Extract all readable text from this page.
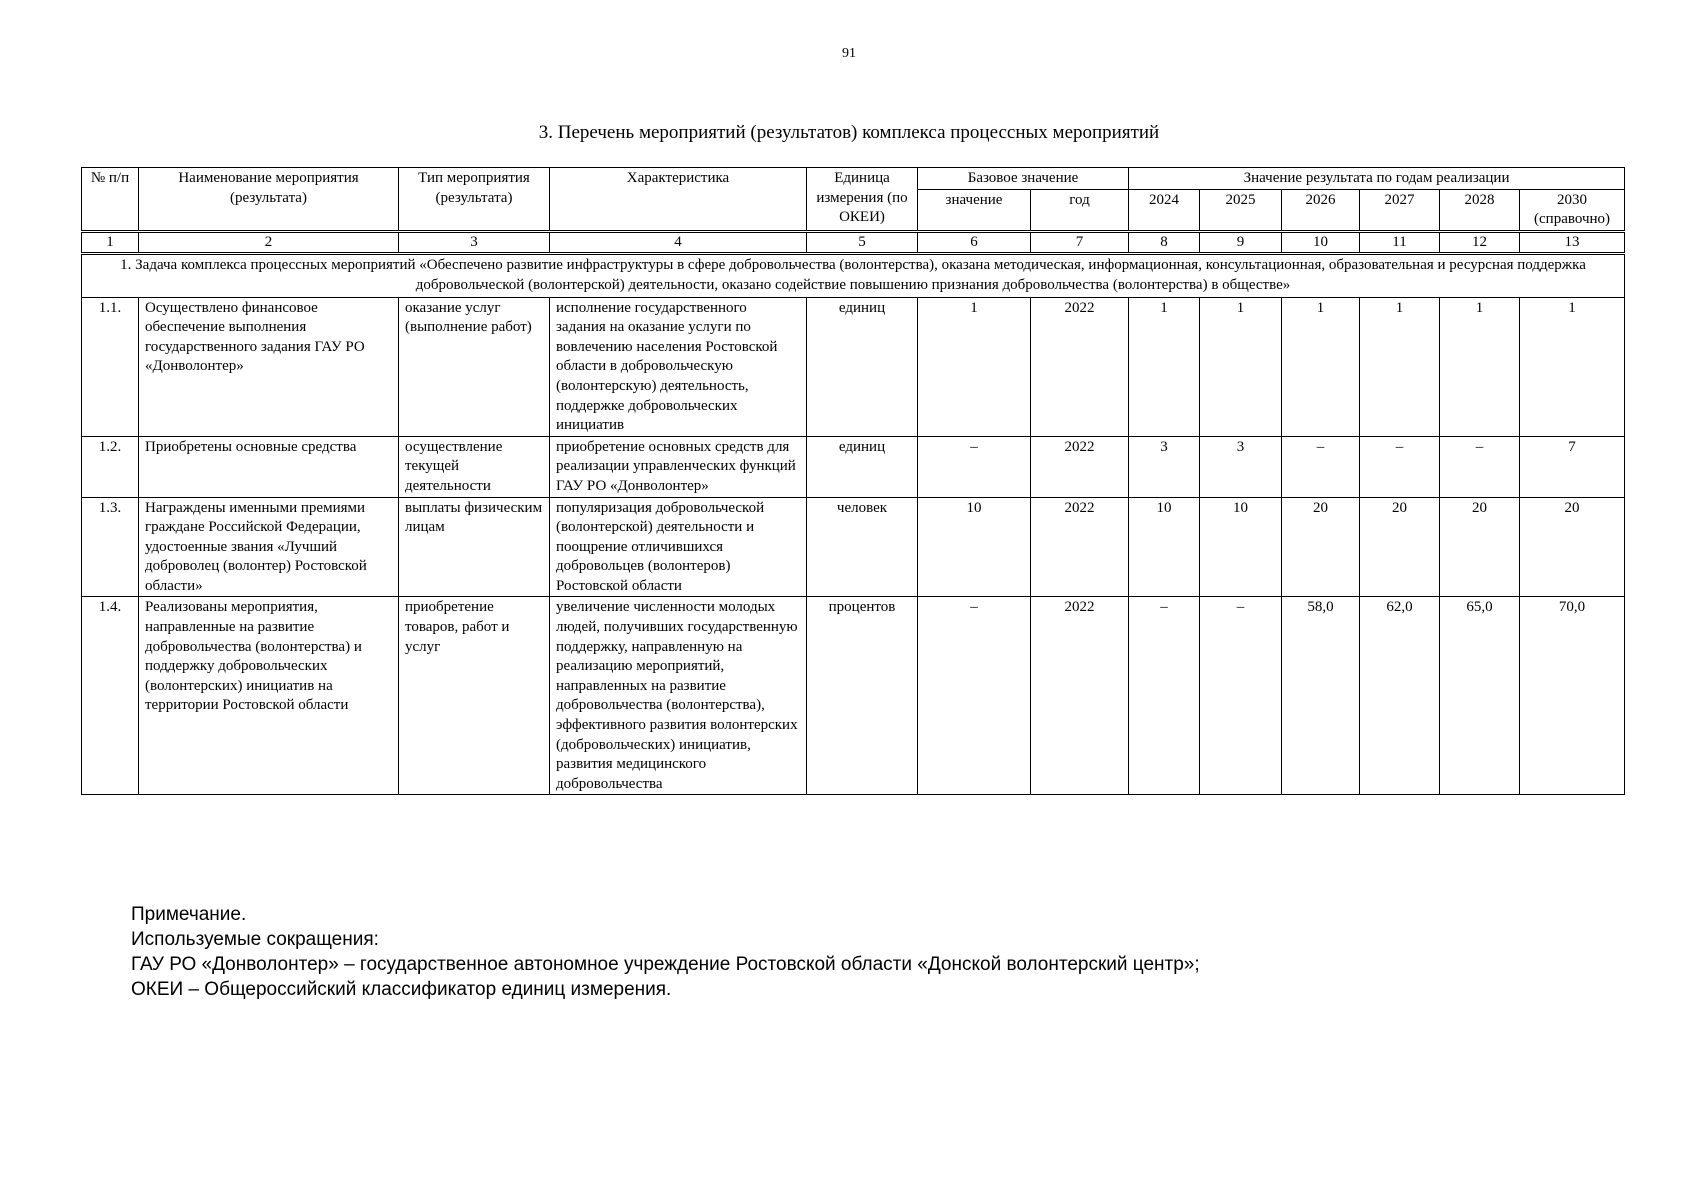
91
3. Перечень мероприятий (результатов) комплекса процессных мероприятий
№ п/п	Наименование мероприятия (результата)	Тип мероприятия (результата)	Характеристика	Единица измерения (по ОКЕИ)	Базовое значение		Значение результата по годам реализации					
					значение	год	2024	2025	2026	2027	2028	2030 (справочно)
1	2	3	4	5	6	7	8	9	10	11	12	13
1. Задача комплекса процессных мероприятий «Обеспечено развитие инфраструктуры в сфере добровольчества (волонтерства), оказана методическая, информационная, консультационная, образовательная и ресурсная поддержка добровольческой (волонтерской) деятельности, оказано содействие повышению признания добровольчества (волонтерства) в обществе»												
1.1.	Осуществлено финансовое обеспечение выполнения государственного задания ГАУ РО «Донволонтер»	оказание услуг (выполнение работ)	исполнение государственного задания на оказание услуги по вовлечению населения Ростовской области в добровольческую (волонтерскую) деятельность, поддержке добровольческих инициатив	единиц	1	2022	1	1	1	1	1	1
1.2.	Приобретены основные средства	осуществление текущей деятельности	приобретение основных средств для реализации управленческих функций ГАУ РО «Донволонтер»	единиц	–	2022	3	3	–	–	–	7
1.3.	Награждены именными премиями граждане Российской Федерации, удостоенные звания «Лучший доброволец (волонтер) Ростовской области»	выплаты физическим лицам	популяризация добровольческой (волонтерской) деятельности и поощрение отличившихся добровольцев (волонтеров) Ростовской области	человек	10	2022	10	10	20	20	20	20
1.4.	Реализованы мероприятия, направленные на развитие добровольчества (волонтерства) и поддержку добровольческих (волонтерских) инициатив на территории Ростовской области	приобретение товаров, работ и услуг	увеличение численности молодых людей, получивших государственную поддержку, направленную на реализацию мероприятий, направленных на развитие добровольчества (волонтерства), эффективного развития волонтерских (добровольческих) инициатив, развития медицинского добровольчества	процентов	–	2022	–	–	58,0	62,0	65,0	70,0
Примечание.
Используемые сокращения:
ГАУ РО «Донволонтер» – государственное автономное учреждение Ростовской области «Донской волонтерский центр»;
ОКЕИ – Общероссийский классификатор единиц измерения.
